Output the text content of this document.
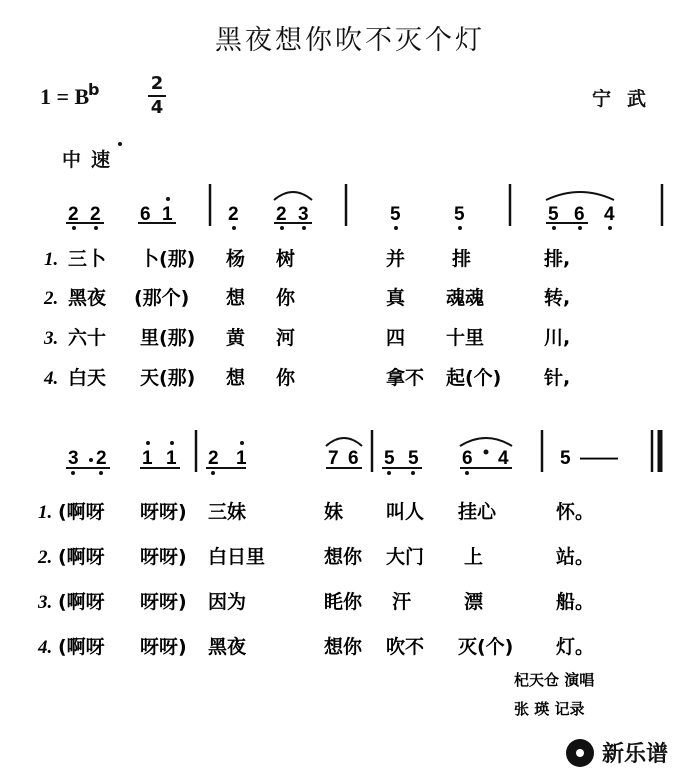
黑夜想你吹不灭个灯
1 = B
b	2
4	宁武
中速
2 2 6 1	2 2 3	5	5	5 6 4
1. 三卜 卜(那) 杨 树	并 排	排,
2. 黑夜 (那个) 想 你	真 魂魂	转,
3. 六十 里(那) 黄 河	四 十里	川,
4. 白天 天(那) 想 你	拿不 起(个) 针,
3 2 1 1 2 1	7 6 5 5 6 4	5 ——
1. (啊呀 呀呀) 三妹	妹 叫人 挂心	怀。
2. (啊呀 呀呀) 白日里	想你 大门 上	站。
3. (啊呀 呀呀) 因为	眊你 汗	漂	船。
4. (啊呀 呀呀) 黑夜	想你 吹不 灭(个) 灯。
杞天仓 演唱
张 瑛 记录
新乐谱
